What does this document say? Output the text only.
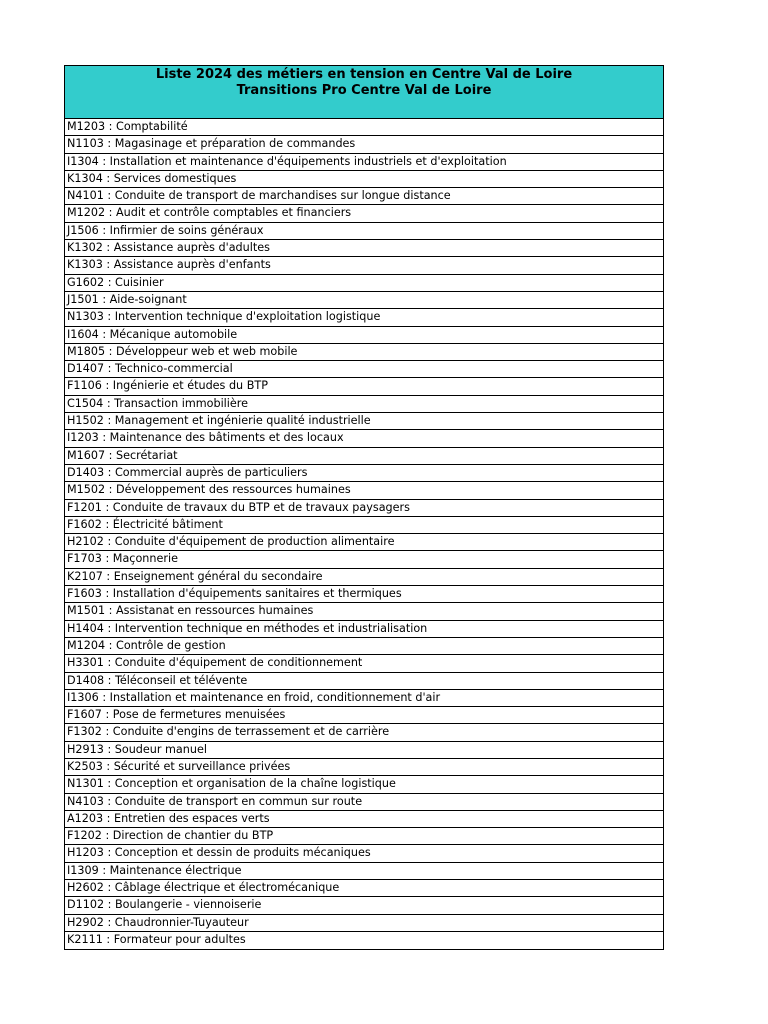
Liste 2024 des métiers en tension en Centre Val de Loire
Transitions Pro Centre Val de Loire
M1203 : Comptabilité
N1103 : Magasinage et préparation de commandes
I1304 : Installation et maintenance d'équipements industriels et d'exploitation
K1304 : Services domestiques
N4101 : Conduite de transport de marchandises sur longue distance
M1202 : Audit et contrôle comptables et financiers
J1506 : Infirmier de soins généraux
K1302 : Assistance auprès d'adultes
K1303 : Assistance auprès d'enfants
G1602 : Cuisinier
J1501 : Aide-soignant
N1303 : Intervention technique d'exploitation logistique
I1604 : Mécanique automobile
M1805 : Développeur web et web mobile
D1407 : Technico-commercial
F1106 : Ingénierie et études du BTP
C1504 : Transaction immobilière
H1502 : Management et ingénierie qualité industrielle
I1203 : Maintenance des bâtiments et des locaux
M1607 : Secrétariat
D1403 : Commercial auprès de particuliers
M1502 : Développement des ressources humaines
F1201 : Conduite de travaux du BTP et de travaux paysagers
F1602 : Électricité bâtiment
H2102 : Conduite d'équipement de production alimentaire
F1703 : Maçonnerie
K2107 : Enseignement général du secondaire
F1603 : Installation d'équipements sanitaires et thermiques
M1501 : Assistanat en ressources humaines
H1404 : Intervention technique en méthodes et industrialisation
M1204 : Contrôle de gestion
H3301 : Conduite d'équipement de conditionnement
D1408 : Téléconseil et télévente
I1306 : Installation et maintenance en froid, conditionnement d'air
F1607 : Pose de fermetures menuisées
F1302 : Conduite d'engins de terrassement et de carrière
H2913 : Soudeur manuel
K2503 : Sécurité et surveillance privées
N1301 : Conception et organisation de la chaîne logistique
N4103 : Conduite de transport en commun sur route
A1203 : Entretien des espaces verts
F1202 : Direction de chantier du BTP
H1203 : Conception et dessin de produits mécaniques
I1309 : Maintenance électrique
H2602 : Câblage électrique et électromécanique
D1102 : Boulangerie - viennoiserie
H2902 : Chaudronnier-Tuyauteur
K2111 : Formateur pour adultes
